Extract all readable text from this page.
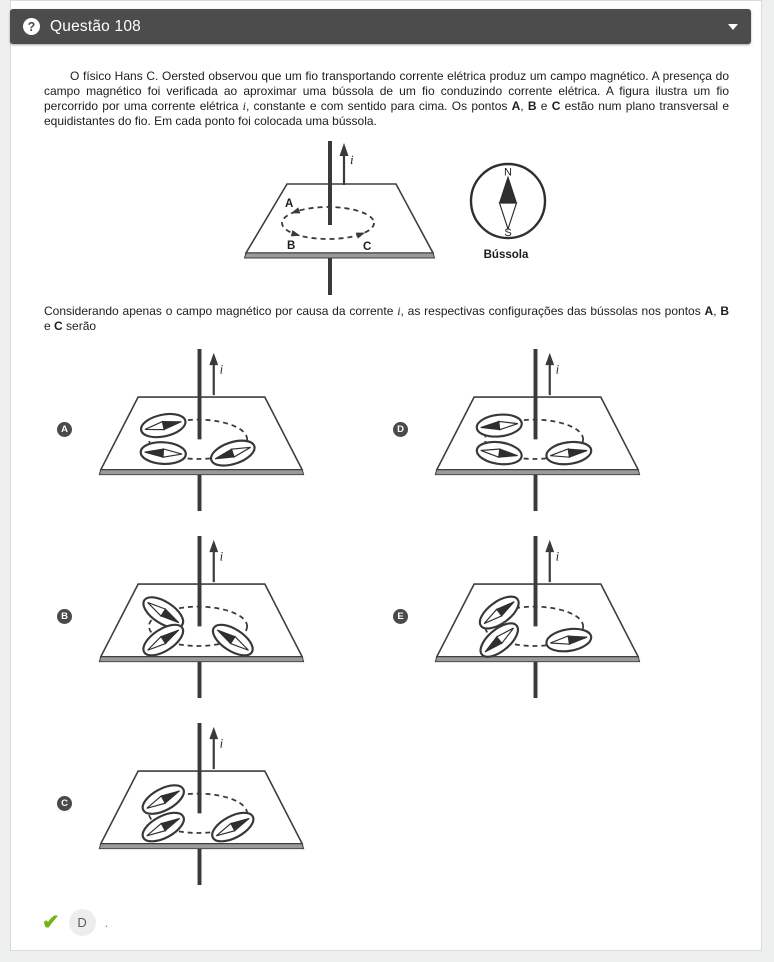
? Questão 108

O físico Hans C. Oersted observou que um fio transportando corrente elétrica produz um campo magnético. A presença do campo magnético foi verificada ao aproximar uma bússola de um fio conduzindo corrente elétrica. A figura ilustra um fio percorrido por uma corrente elétrica i, constante e com sentido para cima. Os pontos A, B e C estão num plano transversal e equidistantes do fio. Em cada ponto foi colocada uma bússola.

i
A
B	C
N
S
Bússola

Considerando apenas o campo magnético por causa da corrente i, as respectivas configurações das bússolas nos pontos A, B e C serão

A
i
D
i
B
i
E
i
C
i
✔	D	.
